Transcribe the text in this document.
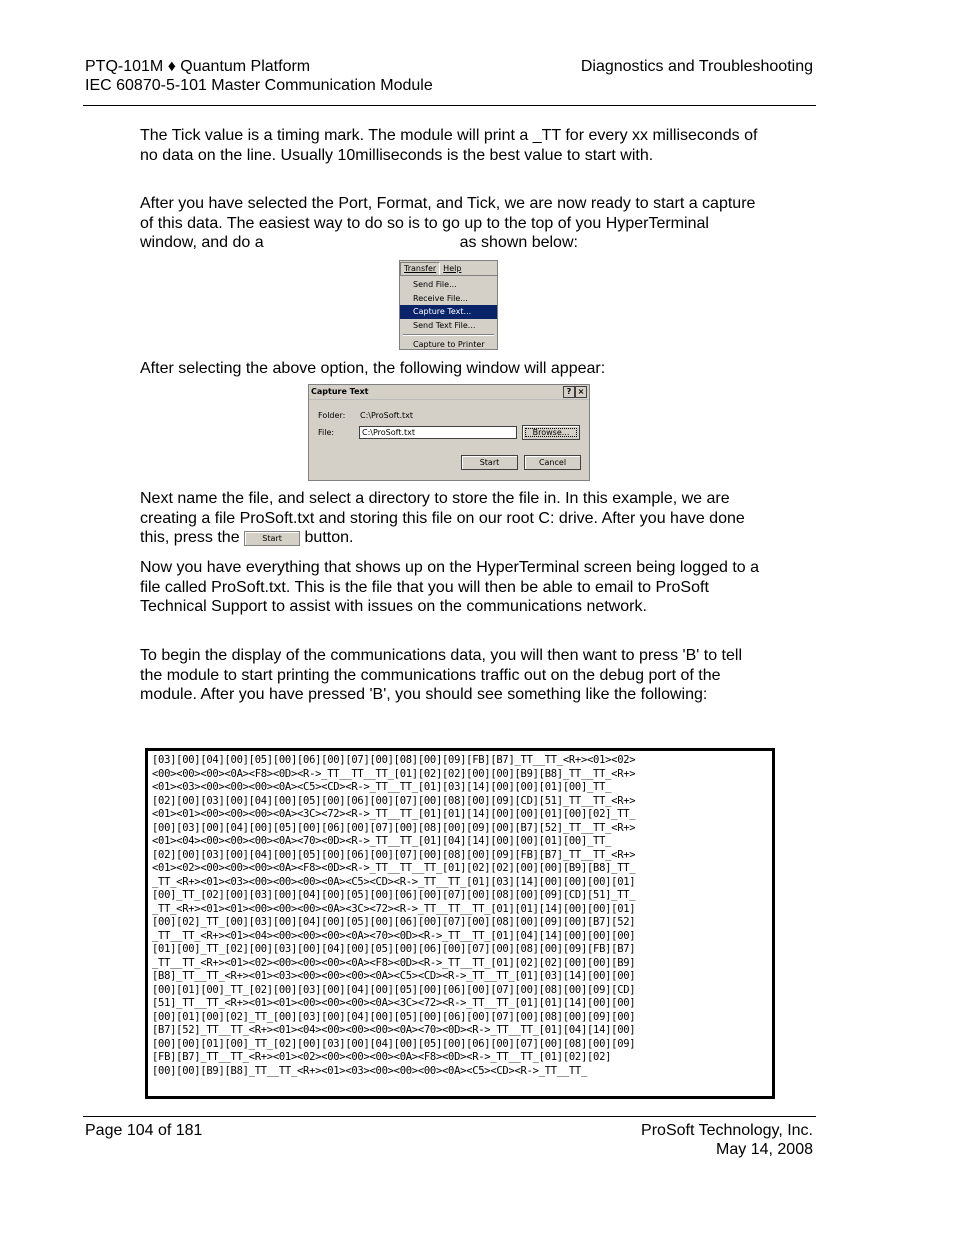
PTQ-101M ♦ Quantum Platform
IEC 60870-5-101 Master Communication Module
Diagnostics and Troubleshooting

The Tick value is a timing mark. The module will print a _TT for every xx milliseconds of no data on the line. Usually 10milliseconds is the best value to start with.

After you have selected the Port, Format, and Tick, we are now ready to start a capture of this data. The easiest way to do so is to go up to the top of you HyperTerminal window, and do a	as shown below:

Transfer Help
Send File...
Receive File...
Capture Text...
Send Text File...
Capture to Printer

After selecting the above option, the following window will appear:

Capture Text	? ×
Folder: C:\ProSoft.txt
File:	C:\ProSoft.txt	Browse...
Start	Cancel

Next name the file, and select a directory to store the file in. In this example, we are creating a file ProSoft.txt and storing this file on our root C: drive. After you have done this, press the	Start button.

Now you have everything that shows up on the HyperTerminal screen being logged to a file called ProSoft.txt. This is the file that you will then be able to email to ProSoft Technical Support to assist with issues on the communications network.

To begin the display of the communications data, you will then want to press 'B' to tell the module to start printing the communications traffic out on the debug port of the module. After you have pressed 'B', you should see something like the following:

[03][00][04][00][05][00][06][00][07][00][08][00][09][FB][B7]_TT__TT_<R+><01><02>
<00><00><00><0A><F8><0D><R->_TT__TT__TT_[01][02][02][00][00][B9][B8]_TT__TT_<R+>
<01><03><00><00><00><0A><C5><CD><R->_TT__TT_[01][03][14][00][00][01][00]_TT_
[02][00][03][00][04][00][05][00][06][00][07][00][08][00][09][CD][51]_TT__TT_<R+>
<01><01><00><00><00><0A><3C><72><R->_TT__TT_[01][01][14][00][00][01][00][02]_TT_
[00][03][00][04][00][05][00][06][00][07][00][08][00][09][00][B7][52]_TT__TT_<R+>
<01><04><00><00><00><0A><70><0D><R->_TT__TT_[01][04][14][00][00][01][00]_TT_
[02][00][03][00][04][00][05][00][06][00][07][00][08][00][09][FB][B7]_TT__TT_<R+>
<01><02><00><00><00><0A><F8><0D><R->_TT__TT__TT_[01][02][02][00][00][B9][B8]_TT_
_TT_<R+><01><03><00><00><00><0A><C5><CD><R->_TT__TT_[01][03][14][00][00][00][01]
[00]_TT_[02][00][03][00][04][00][05][00][06][00][07][00][08][00][09][CD][51]_TT_
_TT_<R+><01><01><00><00><00><0A><3C><72><R->_TT__TT__TT_[01][01][14][00][00][01]
[00][02]_TT_[00][03][00][04][00][05][00][06][00][07][00][08][00][09][00][B7][52]
_TT__TT_<R+><01><04><00><00><00><0A><70><0D><R->_TT__TT_[01][04][14][00][00][00]
[01][00]_TT_[02][00][03][00][04][00][05][00][06][00][07][00][08][00][09][FB][B7]
_TT__TT_<R+><01><02><00><00><00><0A><F8><0D><R->_TT__TT_[01][02][02][00][00][B9]
[B8]_TT__TT_<R+><01><03><00><00><00><0A><C5><CD><R->_TT__TT_[01][03][14][00][00]
[00][01][00]_TT_[02][00][03][00][04][00][05][00][06][00][07][00][08][00][09][CD]
[51]_TT__TT_<R+><01><01><00><00><00><0A><3C><72><R->_TT__TT_[01][01][14][00][00]
[00][01][00][02]_TT_[00][03][00][04][00][05][00][06][00][07][00][08][00][09][00]
[B7][52]_TT__TT_<R+><01><04><00><00><00><0A><70><0D><R->_TT__TT_[01][04][14][00]
[00][00][01][00]_TT_[02][00][03][00][04][00][05][00][06][00][07][00][08][00][09]
[FB][B7]_TT__TT_<R+><01><02><00><00><00><0A><F8><0D><R->_TT__TT_[01][02][02]
[00][00][B9][B8]_TT__TT_<R+><01><03><00><00><00><0A><C5><CD><R->_TT__TT_
Page 104 of 181	ProSoft Technology, Inc.
May 14, 2008
